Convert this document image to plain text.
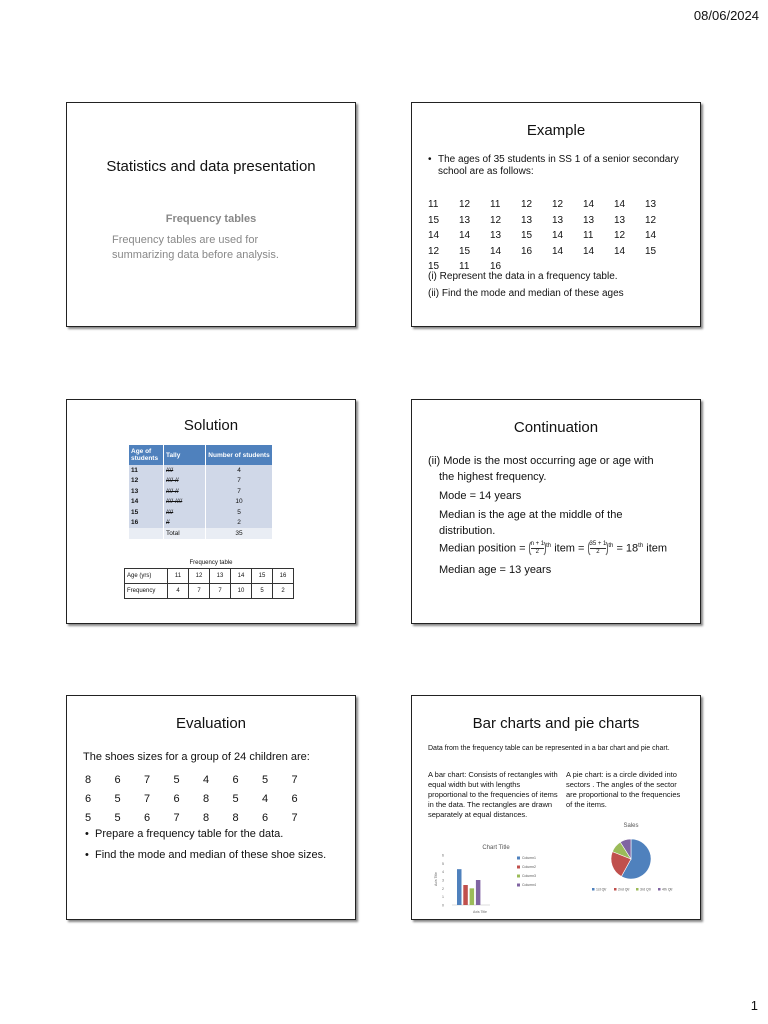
08/06/2024
Statistics and data presentation
Frequency tables
Frequency tables are used for summarizing data before analysis.
Example
• The ages of 35 students in SS 1 of a senior secondary school are as follows:
11	12	11	12	12	14	14	13
15	13	12	13	13	13	13	12
14	14	13	15	14	11	12	14
12	15	14	16	14	14	14	15
15	11	16					
(i) Represent the data in a frequency table.
(ii) Find the mode and median of these ages
Solution
Age of students	Tally	Number of students
11	////	4
12	//// //	7
13	//// //	7
14	//// ////	10
15	////	5
16	//	2
	Total	35
Frequency table
Age (yrs)	11	12	13	14	15	16
Frequency	4	7	7	10	5	2
Continuation
(ii) Mode is the most occurring age or age with
the highest frequency.
Mode = 14 years
Median is the age at the middle of the
distribution.
Median position = $\frac{n + 1}{2} ^{th}$ item = $\frac{35 + 1}{2} ^{th} = 18th$ item
Median age = 13 years
Evaluation
The shoes sizes for a group of 24 children are:
8	6	7	5	4	6	5	7
6	5	7	6	8	5	4	6
5	5	6	7	8	8	6	7
• Prepare a frequency table for the data.
• Find the mode and median of these shoe sizes.
Bar charts and pie charts
Data from the frequency table can be represented in a bar chart and pie chart.
A bar chart: Consists of rectangles with equal width but with lengths proportional to the frequencies of items in the data. The rectangles are drawn separately at equal distances.
A pie chart: is a circle divided into sectors . The angles of the sector are proportional to the frequencies of the items.
Chart Title
0
1
2
3
4
5
6
Axis Title
Axis Title
Column1
Column2
Column3
Column4
Sales
1st Qtr	2nd Qtr	3rd Qtr	4th Qtr
1
